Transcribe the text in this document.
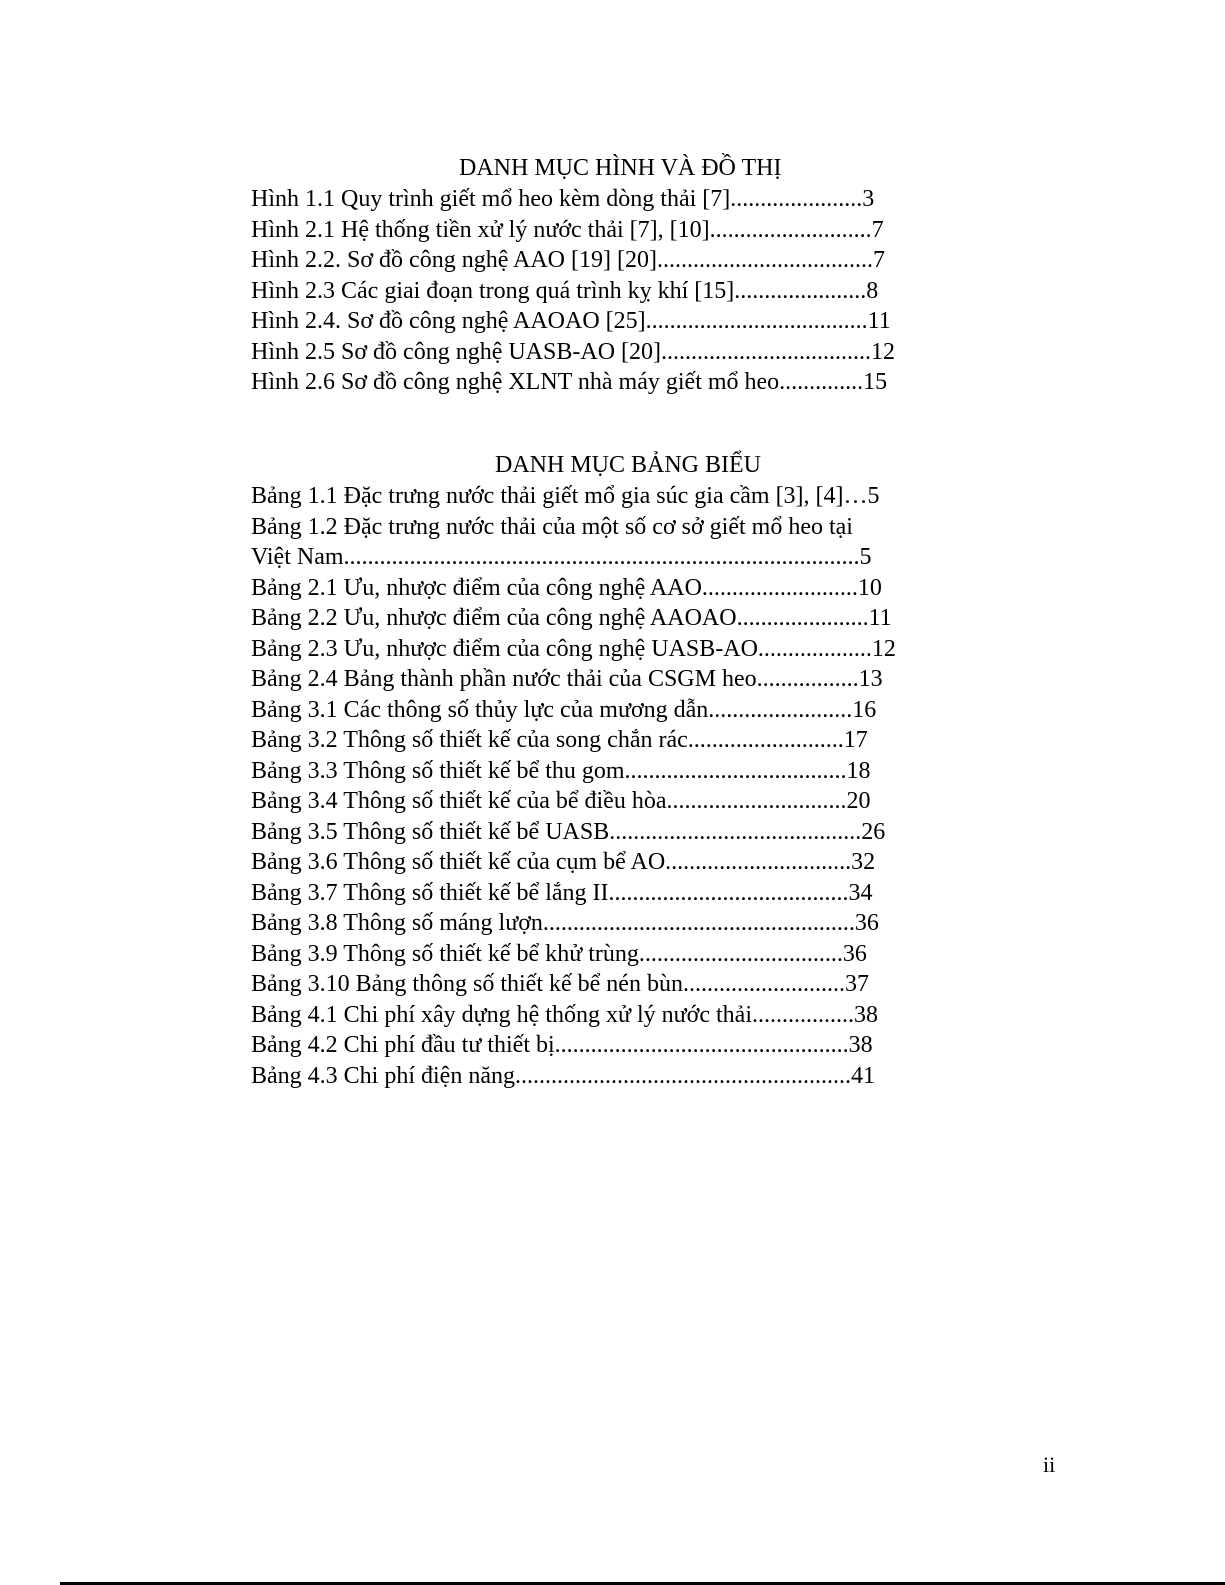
DANH MỤC HÌNH VÀ ĐỒ THỊ
Hình 1.1 Quy trình giết mổ heo kèm dòng thải [7]......................3
Hình 2.1 Hệ thống tiền xử lý nước thải [7], [10]...........................7
Hình 2.2. Sơ đồ công nghệ AAO [19] [20]....................................7
Hình 2.3 Các giai đoạn trong quá trình kỵ khí [15]......................8
Hình 2.4. Sơ đồ công nghệ AAOAO [25].....................................11
Hình 2.5 Sơ đồ công nghệ UASB-AO [20]...................................12
Hình 2.6 Sơ đồ công nghệ XLNT nhà máy giết mổ heo..............15
DANH MỤC BẢNG BIỂU
Bảng 1.1 Đặc trưng nước thải giết mổ gia súc gia cầm [3], [4]…5
Bảng 1.2 Đặc trưng nước thải của một số cơ sở giết mổ heo tại
Việt Nam......................................................................................5
Bảng 2.1 Ưu, nhược điểm của công nghệ AAO..........................10
Bảng 2.2 Ưu, nhược điểm của công nghệ AAOAO......................11
Bảng 2.3 Ưu, nhược điểm của công nghệ UASB-AO...................12
Bảng 2.4 Bảng thành phần nước thải của CSGM heo.................13
Bảng 3.1 Các thông số thủy lực của mương dẫn........................16
Bảng 3.2 Thông số thiết kế của song chắn rác..........................17
Bảng 3.3 Thông số thiết kế bể thu gom.....................................18
Bảng 3.4 Thông số thiết kế của bể điều hòa..............................20
Bảng 3.5 Thông số thiết kế bể UASB..........................................26
Bảng 3.6 Thông số thiết kế của cụm bể AO...............................32
Bảng 3.7 Thông số thiết kế bể lắng II........................................34
Bảng 3.8 Thông số máng lượn....................................................36
Bảng 3.9 Thông số thiết kế bể khử trùng..................................36
Bảng 3.10 Bảng thông số thiết kế bể nén bùn...........................37
Bảng 4.1 Chi phí xây dựng hệ thống xử lý nước thải.................38
Bảng 4.2 Chi phí đầu tư thiết bị.................................................38
Bảng 4.3 Chi phí điện năng........................................................41
ii
